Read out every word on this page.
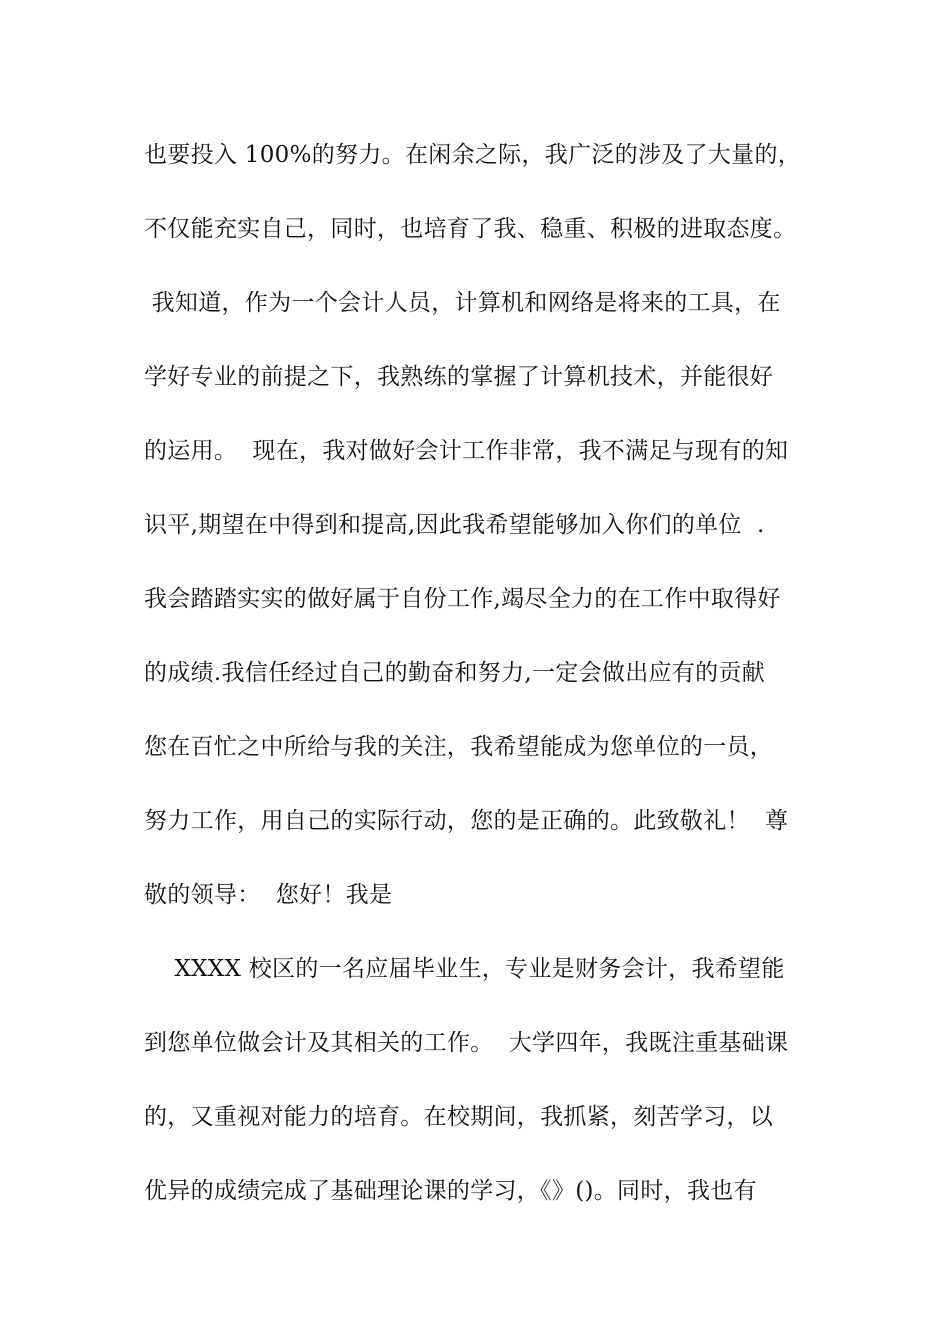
也要投入 100%的努力。在闲余之际，我广泛的涉及了大量的，
不仅能充实自己，同时，也培育了我、稳重、积极的进取态度。
我知道，作为一个会计人员，计算机和网络是将来的工具，在
学好专业的前提之下，我熟练的掌握了计算机技术，并能很好
的运用。  现在，我对做好会计工作非常，我不满足与现有的知
识平,期望在中得到和提高,因此我希望能够加入你们的单位  .
我会踏踏实实的做好属于自份工作,竭尽全力的在工作中取得好
的成绩.我信任经过自己的勤奋和努力,一定会做出应有的贡献
您在百忙之中所给与我的关注，我希望能成为您单位的一员，
努力工作，用自己的实际行动，您的是正确的。此致敬礼！  尊
敬的领导：  您好！我是
XXXX 校区的一名应届毕业生，专业是财务会计，我希望能
到您单位做会计及其相关的工作。  大学四年，我既注重基础课
的，又重视对能力的培育。在校期间，我抓紧，刻苦学习，以
优异的成绩完成了基础理论课的学习，《》()。同时，我也有
